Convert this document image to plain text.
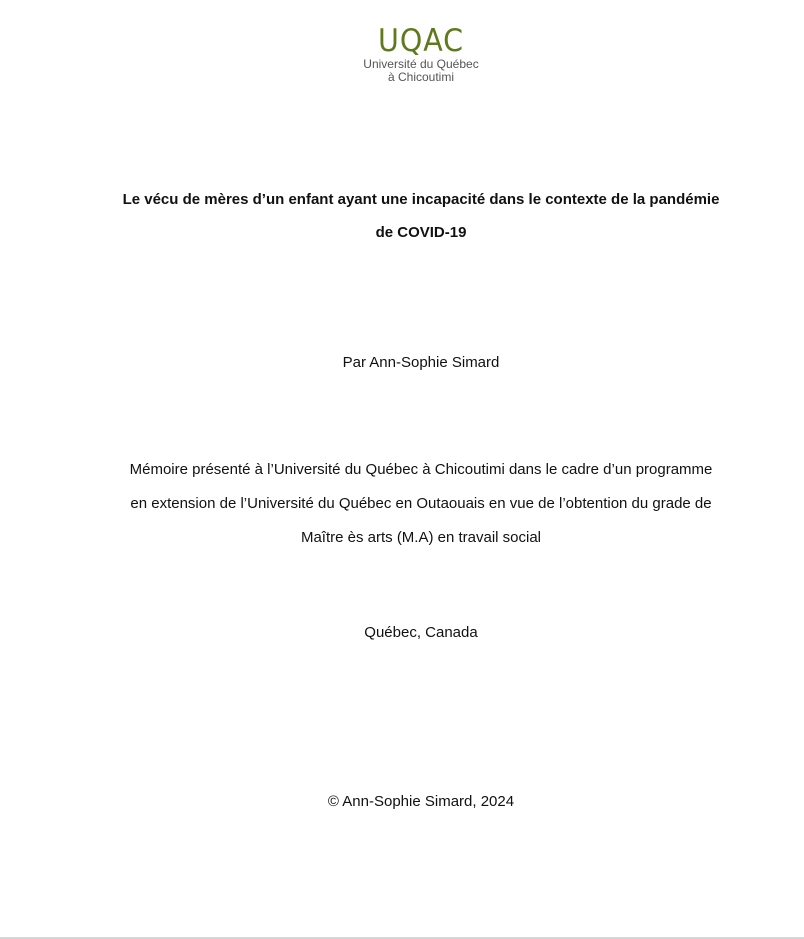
UQAC
Université du Québec
à Chicoutimi
Le vécu de mères d’un enfant ayant une incapacité dans le contexte de la pandémie
de COVID-19
Par Ann-Sophie Simard
Mémoire présenté à l’Université du Québec à Chicoutimi dans le cadre d’un programme
en extension de l’Université du Québec en Outaouais en vue de l’obtention du grade de
Maître ès arts (M.A) en travail social
Québec, Canada
© Ann-Sophie Simard, 2024
